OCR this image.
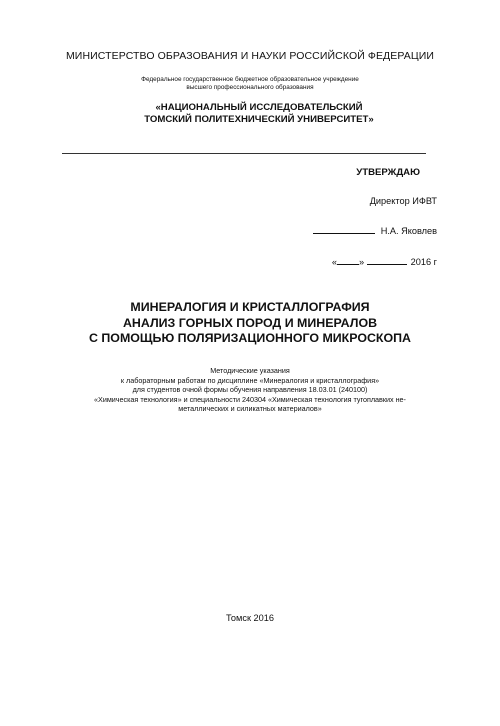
МИНИСТЕРСТВО ОБРАЗОВАНИЯ И НАУКИ РОССИЙСКОЙ ФЕДЕРАЦИИ
Федеральное государственное бюджетное образовательное учреждение
высшего профессионального образования
«НАЦИОНАЛЬНЫЙ ИССЛЕДОВАТЕЛЬСКИЙ
ТОМСКИЙ ПОЛИТЕХНИЧЕСКИЙ УНИВЕРСИТЕТ»
УТВЕРЖДАЮ
Директор ИФВТ
Н.А. Яковлев
« »	2016 г
МИНЕРАЛОГИЯ И КРИСТАЛЛОГРАФИЯ
АНАЛИЗ ГОРНЫХ ПОРОД И МИНЕРАЛОВ
С ПОМОЩЬЮ ПОЛЯРИЗАЦИОННОГО МИКРОСКОПА
Методические указания
к лабораторным работам по дисциплине «Минералогия и кристаллография»
для студентов очной формы обучения направления 18.03.01 (240100)
«Химическая технология» и специальности 240304 «Химическая технология тугоплавких не-
металлических и силикатных материалов»
Томск 2016
